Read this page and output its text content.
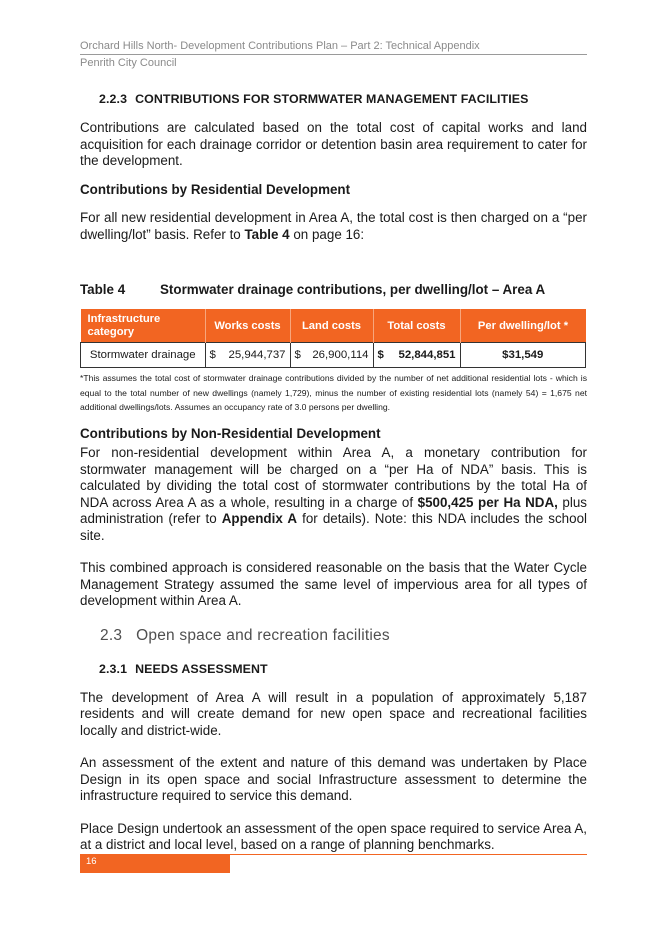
Orchard Hills North- Development Contributions Plan – Part 2: Technical Appendix
Penrith City Council
2.2.3 CONTRIBUTIONS FOR STORMWATER MANAGEMENT FACILITIES

Contributions are calculated based on the total cost of capital works and land acquisition for each drainage corridor or detention basin area requirement to cater for the development.

Contributions by Residential Development

For all new residential development in Area A, the total cost is then charged on a “per dwelling/lot” basis. Refer to Table 4 on page 16:

Table 4	Stormwater drainage contributions, per dwelling/lot – Area A

Infrastructure category	Works costs	Land costs	Total costs	Per dwelling/lot *
Stormwater drainage	$ 25,944,737	$ 26,900,114	$ 52,844,851	$31,549

*This assumes the total cost of stormwater drainage contributions divided by the number of net additional residential lots - which is equal to the total number of new dwellings (namely 1,729), minus the number of existing residential lots (namely 54) = 1,675 net additional dwellings/lots. Assumes an occupancy rate of 3.0 persons per dwelling.

Contributions by Non-Residential Development

For non-residential development within Area A, a monetary contribution for stormwater management will be charged on a “per Ha of NDA” basis. This is calculated by dividing the total cost of stormwater contributions by the total Ha of NDA across Area A as a whole, resulting in a charge of $500,425 per Ha NDA, plus administration (refer to Appendix A for details). Note: this NDA includes the school site.

This combined approach is considered reasonable on the basis that the Water Cycle Management Strategy assumed the same level of impervious area for all types of development within Area A.

2.3 Open space and recreation facilities
2.3.1 NEEDS ASSESSMENT

The development of Area A will result in a population of approximately 5,187 residents and will create demand for new open space and recreational facilities locally and district-wide.

An assessment of the extent and nature of this demand was undertaken by Place Design in its open space and social Infrastructure assessment to determine the infrastructure required to service this demand.

Place Design undertook an assessment of the open space required to service Area A, at a district and local level, based on a range of planning benchmarks.

16
